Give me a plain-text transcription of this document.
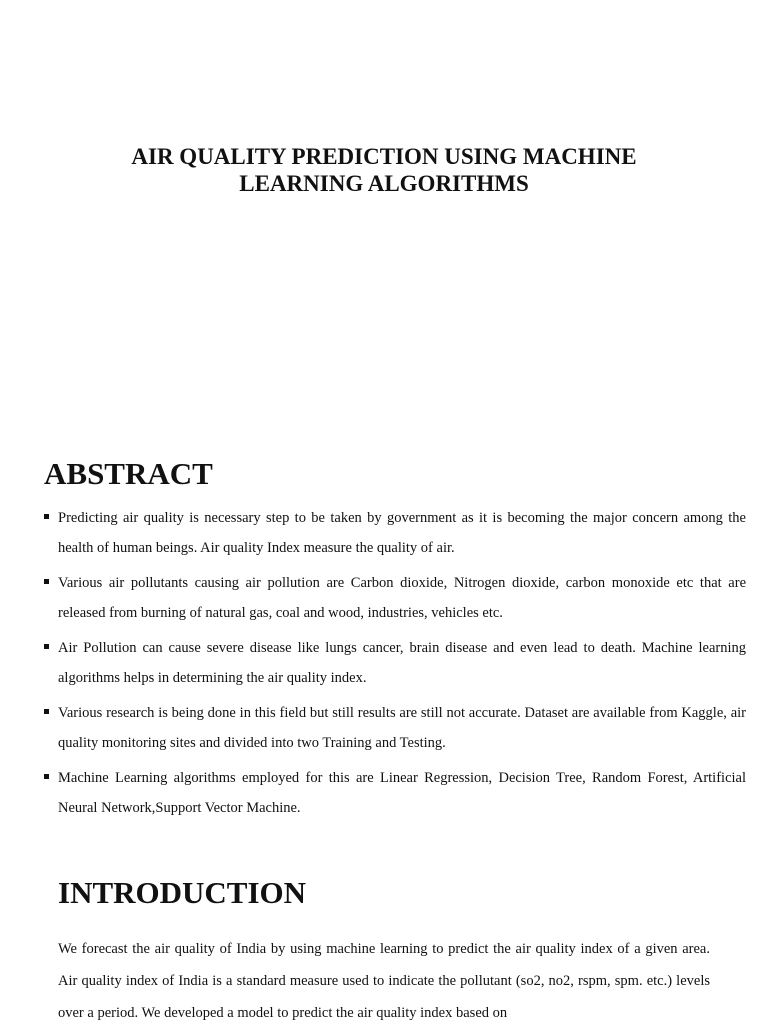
AIR QUALITY PREDICTION USING MACHINE
LEARNING ALGORITHMS
ABSTRACT
Predicting air quality is necessary step to be taken by government as it is becoming the major concern among the health of human beings. Air quality Index measure the quality of air.
Various air pollutants causing air pollution are Carbon dioxide, Nitrogen dioxide, carbon monoxide etc that are released from burning of natural gas, coal and wood, industries, vehicles etc.
Air Pollution can cause severe disease like lungs cancer, brain disease and even lead to death. Machine learning algorithms helps in determining the air quality index.
Various research is being done in this field but still results are still not accurate. Dataset are available from Kaggle, air quality monitoring sites and divided into two Training and Testing.
Machine Learning algorithms employed for this are Linear Regression, Decision Tree, Random Forest, Artificial Neural Network,Support Vector Machine.
INTRODUCTION

We forecast the air quality of India by using machine learning to predict the air quality index of a given area. Air quality index of India is a standard measure used to indicate the pollutant (so2, no2, rspm, spm. etc.) levels over a period. We developed a model to predict the air quality index based on
